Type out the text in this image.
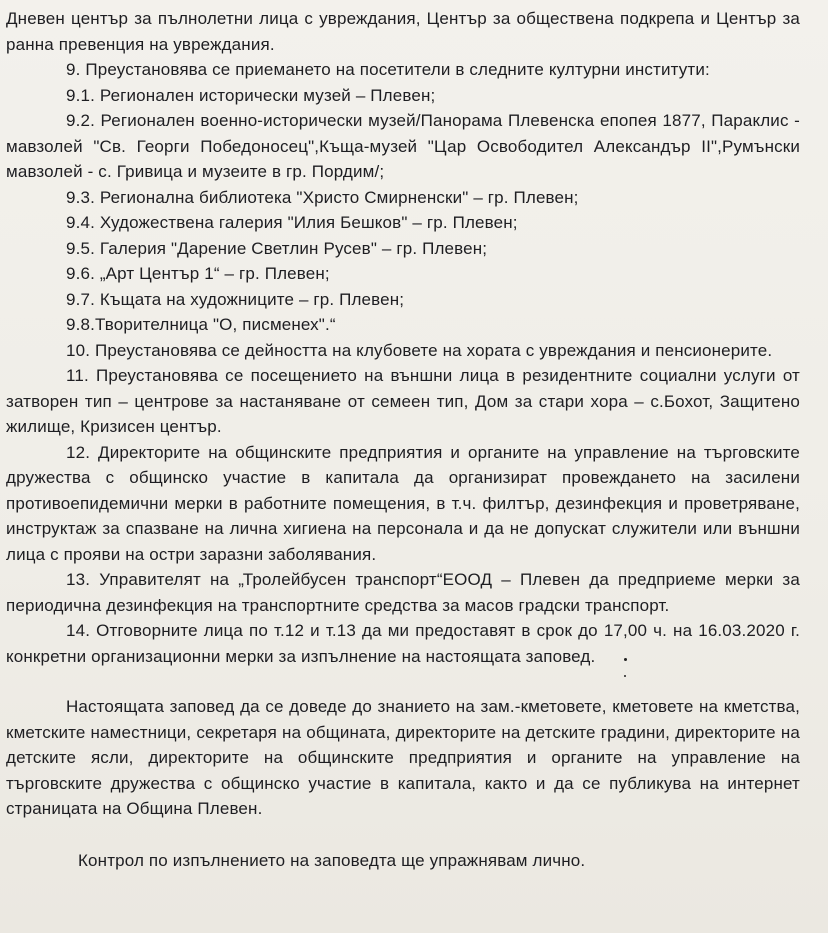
Дневен център за пълнолетни лица с увреждания, Център за обществена подкрепа и Център за ранна превенция на увреждания.

9. Преустановява се приемането на посетители в следните културни институти:

9.1. Регионален исторически музей – Плевен;

9.2. Регионален военно-исторически музей/Панорама Плевенска епопея 1877, Параклис - мавзолей "Св. Георги Победоносец",Къща-музей "Цар Освободител Александър II",Румънски мавзолей - с. Гривица и музеите в гр. Пордим/;

9.3. Регионална библиотека "Христо Смирненски" – гр. Плевен;

9.4. Художествена галерия "Илия Бешков" – гр. Плевен;

9.5. Галерия "Дарение Светлин Русев" – гр. Плевен;

9.6. „Арт Център 1“ – гр. Плевен;

9.7. Къщата на художниците – гр. Плевен;

9.8.Творителница "О, писменех".“

10. Преустановява се дейността на клубовете на хората с увреждания и пенсионерите.

11. Преустановява се посещението на външни лица в резидентните социални услуги от затворен тип – центрове за настаняване от семеен тип, Дом за стари хора – с.Бохот, Защитено жилище, Кризисен център.

12. Директорите на общинските предприятия и органите на управление на търговските дружества с общинско участие в капитала да организират провеждането на засилени противоепидемични мерки в работните помещения, в т.ч. филтър, дезинфекция и проветряване, инструктаж за спазване на лична хигиена на персонала и да не допускат служители или външни лица с прояви на остри заразни заболявания.

13. Управителят на „Тролейбусен транспорт“ЕООД – Плевен да предприеме мерки за периодична дезинфекция на транспортните средства за масов градски транспорт.

14. Отговорните лица по т.12 и т.13 да ми предоставят в срок до 17,00 ч. на 16.03.2020 г. конкретни организационни мерки за изпълнение на настоящата заповед.

Настоящата заповед да се доведе до знанието на зам.-кметовете, кметовете на кметства, кметските наместници, секретаря на общината, директорите на детските градини, директорите на детските ясли, директорите на общинските предприятия и органите на управление на търговските дружества с общинско участие в капитала, както и да се публикува на интернет страницата на Община Плевен.

Контрол по изпълнението на заповедта ще упражнявам лично.
